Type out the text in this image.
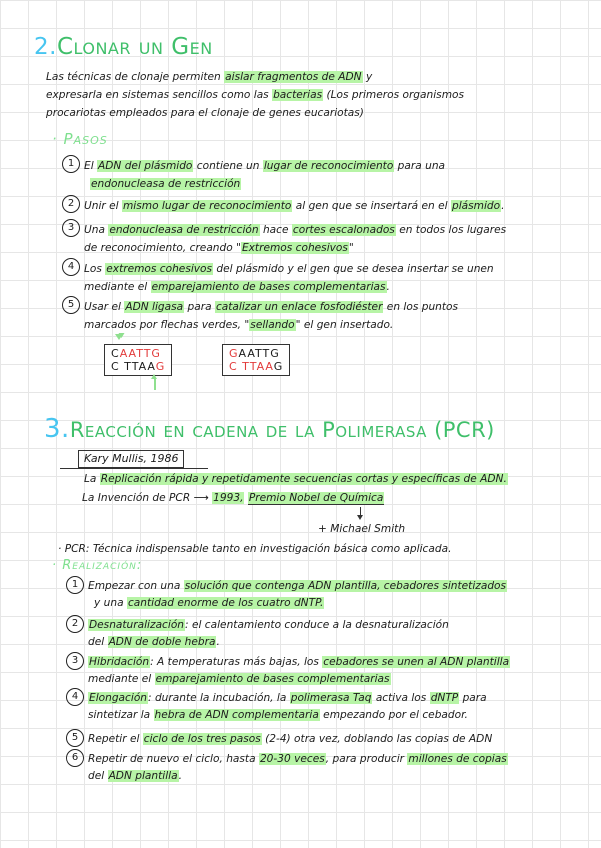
2.Clonar un Gen
Las técnicas de clonaje permiten aislar fragmentos de ADN y
expresarla en sistemas sencillos como las bacterias (Los primeros organismos
procariotas empleados para el clonaje de genes eucariotas)
· Pasos
1 El ADN del plásmido contiene un lugar de reconocimiento para una
endonucleasa de restricción
2 Unir el mismo lugar de reconocimiento al gen que se insertará en el plásmido.
3 Una endonucleasa de restricción hace cortes escalonados en todos los lugares
de reconocimiento, creando "Extremos cohesivos"
4 Los extremos cohesivos del plásmido y el gen que se desea insertar se unen
mediante el emparejamiento de bases complementarias.
5 Usar el ADN ligasa para catalizar un enlace fosfodiéster en los puntos
marcados por flechas verdes, "sellando" el gen insertado.
CAATTG
C TTAAG
GAATTG
C TTAAG
3.Reacción en cadena de la Polimerasa (PCR)
Kary Mullis, 1986
La Replicación rápida y repetidamente secuencias cortas y específicas de ADN.
La Invención de PCR ⟶ 1993, Premio Nobel de Química
+ Michael Smith
· PCR: Técnica indispensable tanto en investigación básica como aplicada.
· Realización:
1 Empezar con una solución que contenga ADN plantilla, cebadores sintetizados
y una cantidad enorme de los cuatro dNTP.
2	Desnaturalización: el calentamiento conduce a la desnaturalización
del ADN de doble hebra.
3	Hibridación: A temperaturas más bajas, los cebadores se unen al ADN plantilla
mediante el emparejamiento de bases complementarias
4	Elongación: durante la incubación, la polimerasa Taq activa los dNTP para
sintetizar la hebra de ADN complementaria empezando por el cebador.
5 Repetir el ciclo de los tres pasos (2-4) otra vez, doblando las copias de ADN
6 Repetir de nuevo el ciclo, hasta 20-30 veces, para producir millones de copias
del ADN plantilla.
